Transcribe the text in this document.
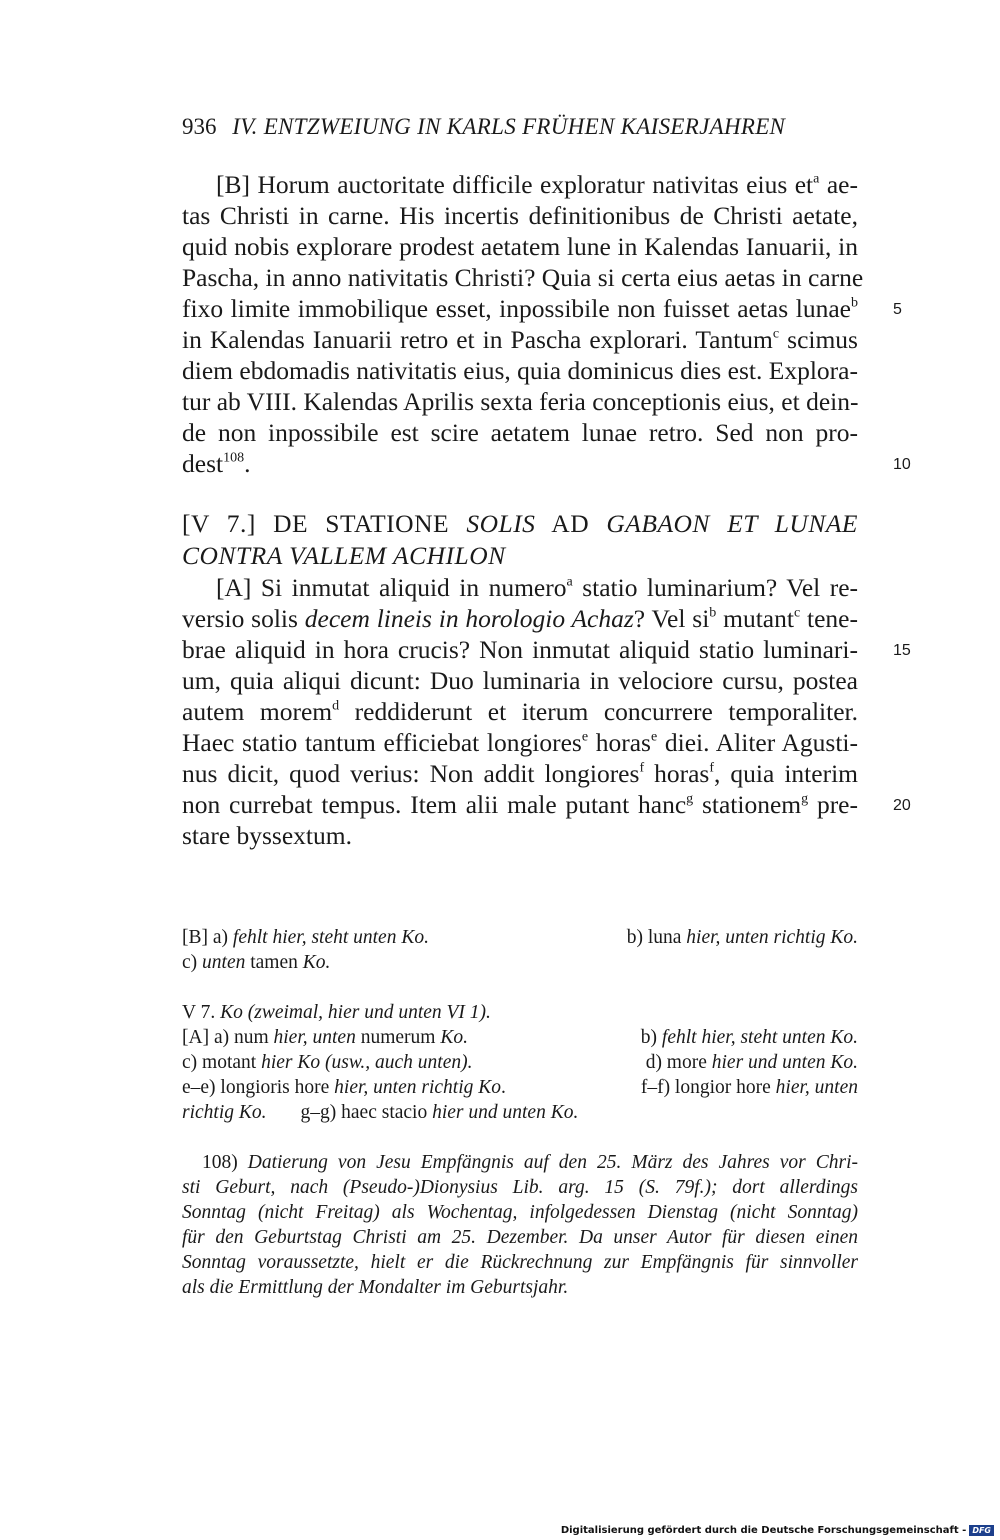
936 IV. ENTZWEIUNG IN KARLS FRÜHEN KAISERJAHREN
[B] Horum auctoritate difficile exploratur nativitas eius $et^a$ ae-
tas Christi in carne. His incertis definitionibus de Christi aetate,
quid nobis explorare prodest aetatem lune in Kalendas Ianuarii, in
Pascha, in anno nativitatis Christi? Quia si certa eius aetas in carne
fixo limite immobilique esset, inpossibile non fuisset aetas lunae$^b$
in Kalendas Ianuarii retro et in Pascha explorari. Tantum$^c$ scimus
diem ebdomadis nativitatis eius, quia dominicus dies est. Explora-
tur ab VIII. Kalendas Aprilis sexta feria conceptionis eius, et dein-
de non inpossibile est scire aetatem lunae retro. Sed non pro-
dest$^{108}$.
5
10
15
20
[V 7.] DE STATIONE SOLIS AD GABAON ET LUNAE
CONTRA VALLEM ACHILON
[A] Si inmutat aliquid in numero$^a$ statio luminarium? Vel re-
versio solis decem lineis in horologio Achaz? Vel $si^b$ mutant$^c$ tene-
brae aliquid in hora crucis? Non inmutat aliquid statio luminari-
um, quia aliqui dicunt: Duo luminaria in velociore cursu, postea
autem morem$^d$ reddiderunt et iterum concurrere temporaliter.
Haec statio tantum efficiebat longiores$^e$ horas$^e$ diei. Aliter Agusti-
nus dicit, quod verius: Non addit longiores$^f$ horas$^f$, quia interim
non currebat tempus. Item alii male putant hanc$^g$ stationem$^g$ pre-
stare byssextum.
[B] a) fehlt hier, steht unten Ko.	b) luna hier, unten richtig Ko.
c) unten tamen Ko.
V 7. Ko (zweimal, hier und unten VI 1).
[A] a) num hier, unten numerum Ko.	b) fehlt hier, steht unten Ko.
c) motant hier Ko (usw., auch unten).	d) more hier und unten Ko.
e–e) longioris hore hier, unten richtig Ko.	f–f) longior hore hier, unten
richtig Ko. g–g) haec stacio hier und unten Ko.
108) Datierung von Jesu Empfängnis auf den 25. März des Jahres vor Chri-
sti Geburt, nach (Pseudo-)Dionysius Lib. arg. 15 (S. 79f.); dort allerdings
Sonntag (nicht Freitag) als Wochentag, infolgedessen Dienstag (nicht Sonntag)
für den Geburtstag Christi am 25. Dezember. Da unser Autor für diesen einen
Sonntag voraussetzte, hielt er die Rückrechnung zur Empfängnis für sinnvoller
als die Ermittlung der Mondalter im Geburtsjahr.
Digitalisierung gefördert durch die Deutsche Forschungsgemeinschaft - DFG
